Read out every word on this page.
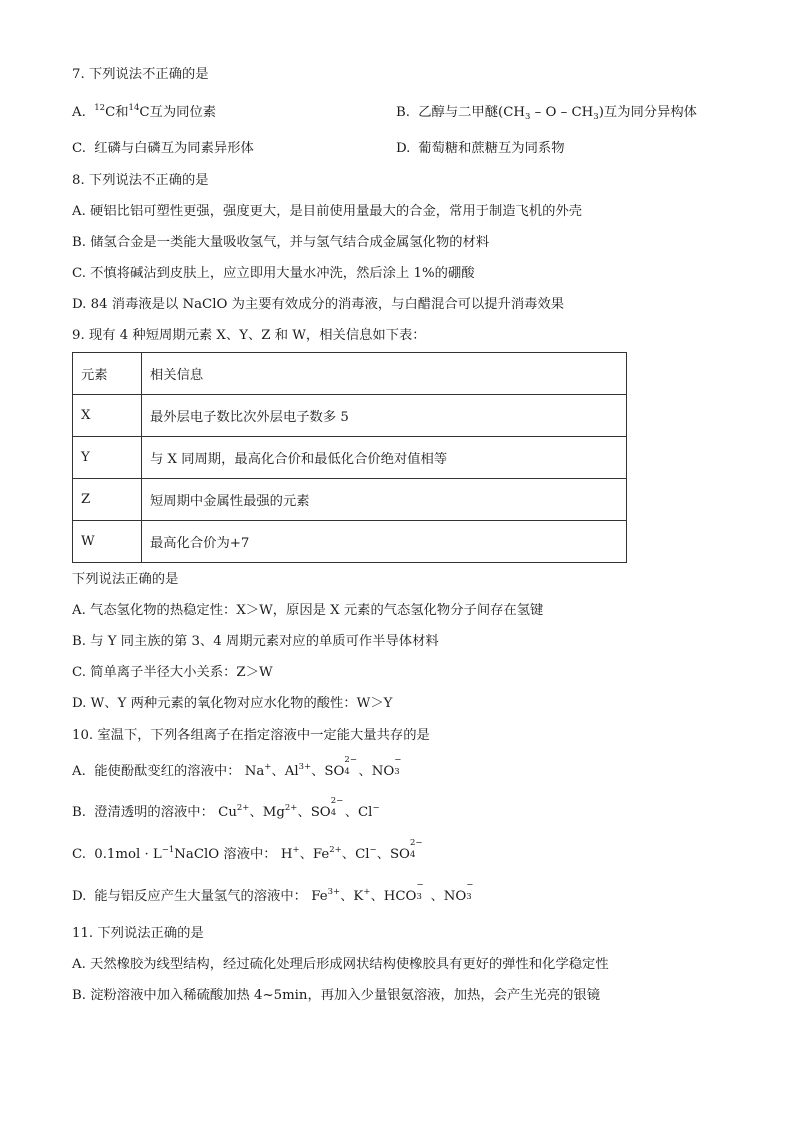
7. 下列说法不正确的是
A. $^{12}$C和$^{14}$C互为同位素	B. 乙醇与二甲醚($CH_3$ – O – $CH_3$)互为同分异构体
C. 红磷与白磷互为同素异形体	D. 葡萄糖和蔗糖互为同系物
8. 下列说法不正确的是
A. 硬铝比铝可塑性更强，强度更大，是目前使用量最大的合金，常用于制造飞机的外壳
B. 储氢合金是一类能大量吸收氢气，并与氢气结合成金属氢化物的材料
C. 不慎将碱沾到皮肤上，应立即用大量水冲洗，然后涂上 1%的硼酸
D. 84 消毒液是以 NaClO 为主要有效成分的消毒液，与白醋混合可以提升消毒效果
9. 现有 4 种短周期元素 X、Y、Z 和 W，相关信息如下表：
元素	相关信息
X	最外层电子数比次外层电子数多 5
Y	与 X 同周期，最高化合价和最低化合价绝对值相等
Z	短周期中金属性最强的元素
W	最高化合价为+7
下列说法正确的是
A. 气态氢化物的热稳定性：X＞W，原因是 X 元素的气态氢化物分子间存在氢键
B. 与 Y 同主族的第 3、4 周期元素对应的单质可作半导体材料
C. 简单离子半径大小关系：Z＞W
D. W、Y 两种元素的氧化物对应水化物的酸性：W＞Y
10. 室温下，下列各组离子在指定溶液中一定能大量共存的是
A. 能使酚酞变红的溶液中： Na+、$Al^{3+}$、SO
2−
4 、NO
−
3
B. 澄清透明的溶液中： $Cu^{2+}$、$Mg^{2+}$、SO
2−
4 、Cl−
C. $0.1mol \cdot L^{-1}NaClO$ 溶液中： H+、$Fe^{2+}$、Cl−、SO
2−
4
D. 能与铝反应产生大量氢气的溶液中： $Fe^{3+}$、K+、HCO
−
3 、NO
−
3
11. 下列说法正确的是
A. 天然橡胶为线型结构，经过硫化处理后形成网状结构使橡胶具有更好的弹性和化学稳定性
B. 淀粉溶液中加入稀硫酸加热 4~5min，再加入少量银氨溶液，加热，会产生光亮的银镜
